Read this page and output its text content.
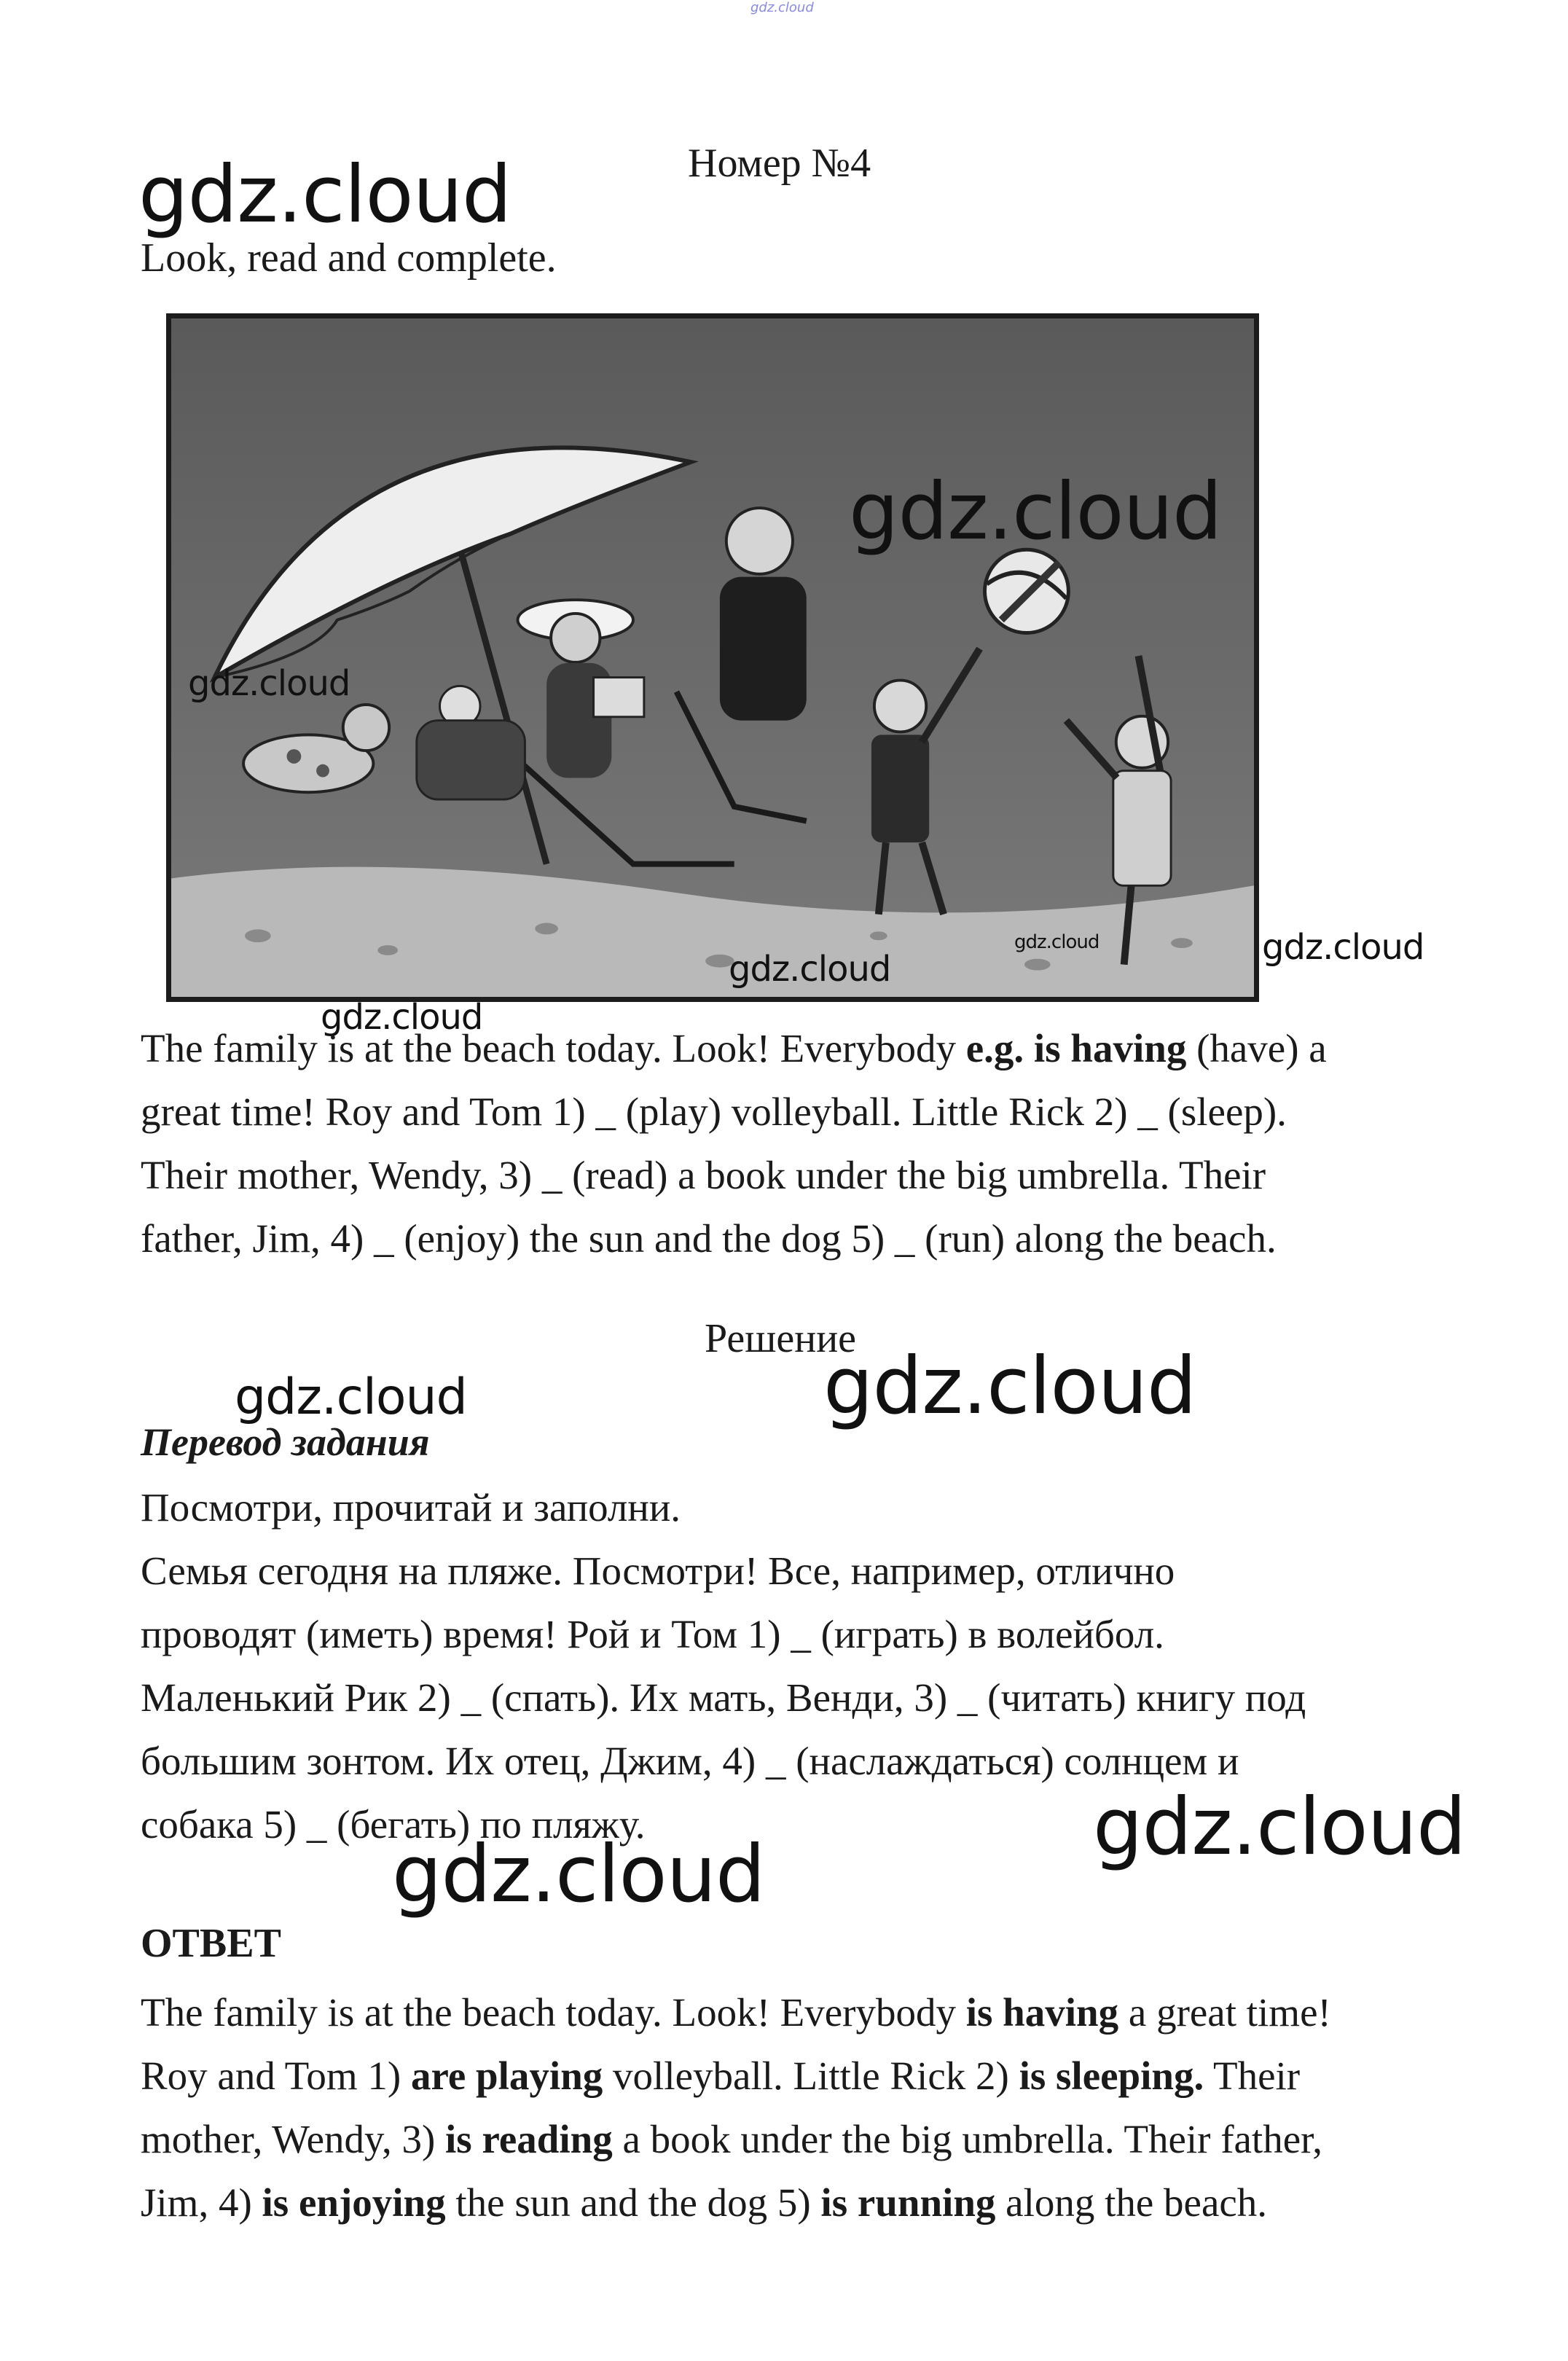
gdz.cloud
gdz.cloud	Номер №4
Look, read and complete.
gdz.cloud
gdz.cloud
gdz.cloud
gdz.cloud	gdz.cloud
gdz.cloud
The family is at the beach today. Look! Everybody e.g. is having (have) a
great time! Roy and Tom 1) _ (play) volleyball. Little Rick 2) _ (sleep).
Their mother, Wendy, 3) _ (read) a book under the big umbrella. Their
father, Jim, 4) _ (enjoy) the sun and the dog 5) _ (run) along the beach.
Решение
gdz.cloud
gdz.cloud
Перевод задания
Посмотри, прочитай и заполни.
Семья сегодня на пляже. Посмотри! Все, например, отлично
проводят (иметь) время! Рой и Том 1) _ (играть) в волейбол.
Маленький Рик 2) _ (спать). Их мать, Венди, 3) _ (читать) книгу под
большим зонтом. Их отец, Джим, 4) _ (наслаждаться) солнцем и
собака 5) _ (бегать) по пляжу.	gdz.cloud
gdz.cloud
ОТВЕТ
The family is at the beach today. Look! Everybody is having a great time!
Roy and Tom 1) are playing volleyball. Little Rick 2) is sleeping. Their
mother, Wendy, 3) is reading a book under the big umbrella. Their father,
Jim, 4) is enjoying the sun and the dog 5) is running along the beach.
